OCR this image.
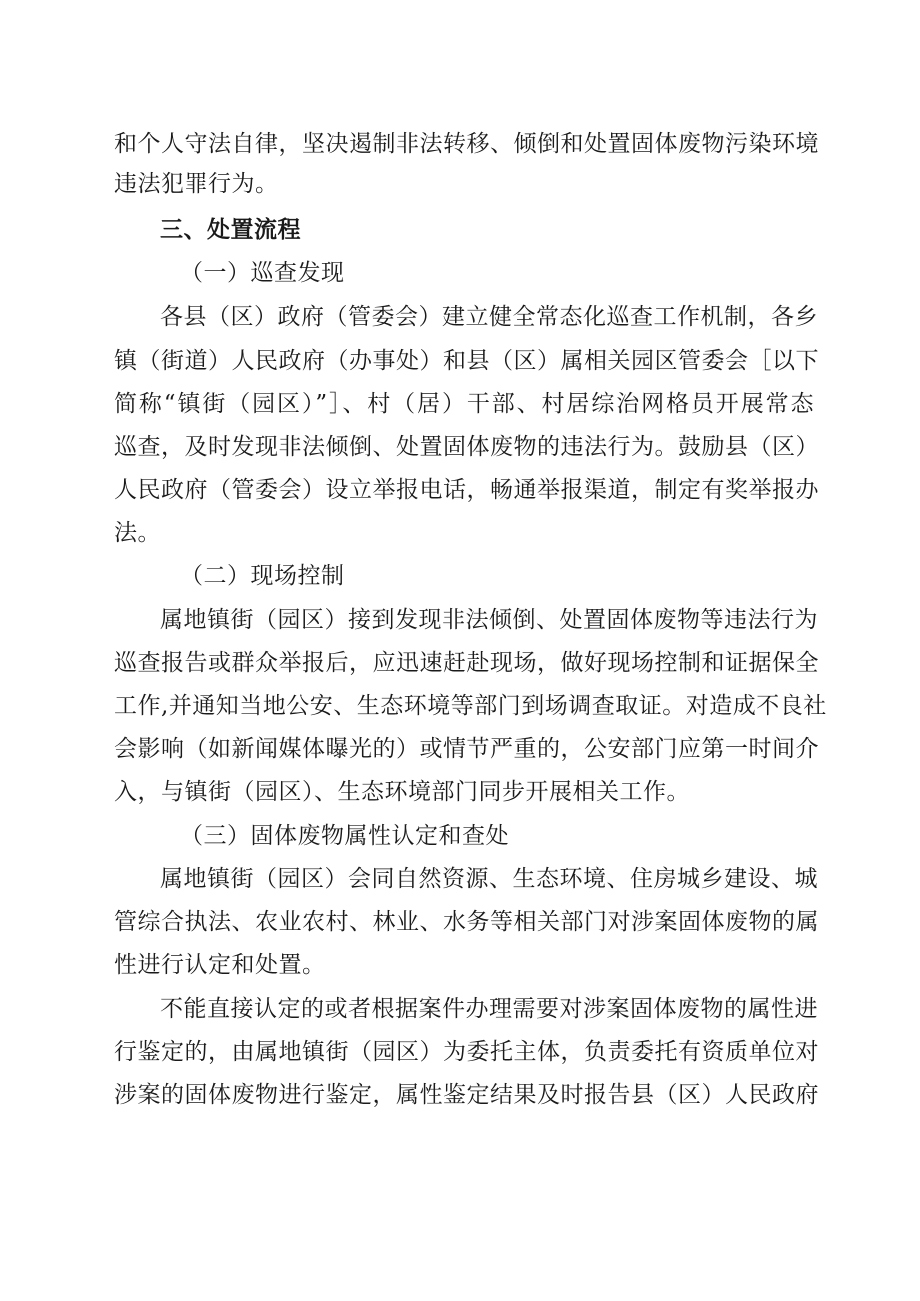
和个人守法自律，坚决遏制非法转移、倾倒和处置固体废物污染环境
违法犯罪行为。
三、处置流程
（一）巡查发现
各县（区）政府（管委会）建立健全常态化巡查工作机制，各乡
镇（街道）人民政府（办事处）和县（区）属相关园区管委会［以下
简称“镇街（园区）”］、村（居）干部、村居综治网格员开展常态
巡查，及时发现非法倾倒、处置固体废物的违法行为。鼓励县（区）
人民政府（管委会）设立举报电话，畅通举报渠道，制定有奖举报办
法。
（二）现场控制
属地镇街（园区）接到发现非法倾倒、处置固体废物等违法行为
巡查报告或群众举报后，应迅速赶赴现场，做好现场控制和证据保全
工作,并通知当地公安、生态环境等部门到场调查取证。对造成不良社
会影响（如新闻媒体曝光的）或情节严重的，公安部门应第一时间介
入，与镇街（园区）、生态环境部门同步开展相关工作。
（三）固体废物属性认定和查处
属地镇街（园区）会同自然资源、生态环境、住房城乡建设、城
管综合执法、农业农村、林业、水务等相关部门对涉案固体废物的属
性进行认定和处置。
不能直接认定的或者根据案件办理需要对涉案固体废物的属性进
行鉴定的，由属地镇街（园区）为委托主体，负责委托有资质单位对
涉案的固体废物进行鉴定，属性鉴定结果及时报告县（区）人民政府
